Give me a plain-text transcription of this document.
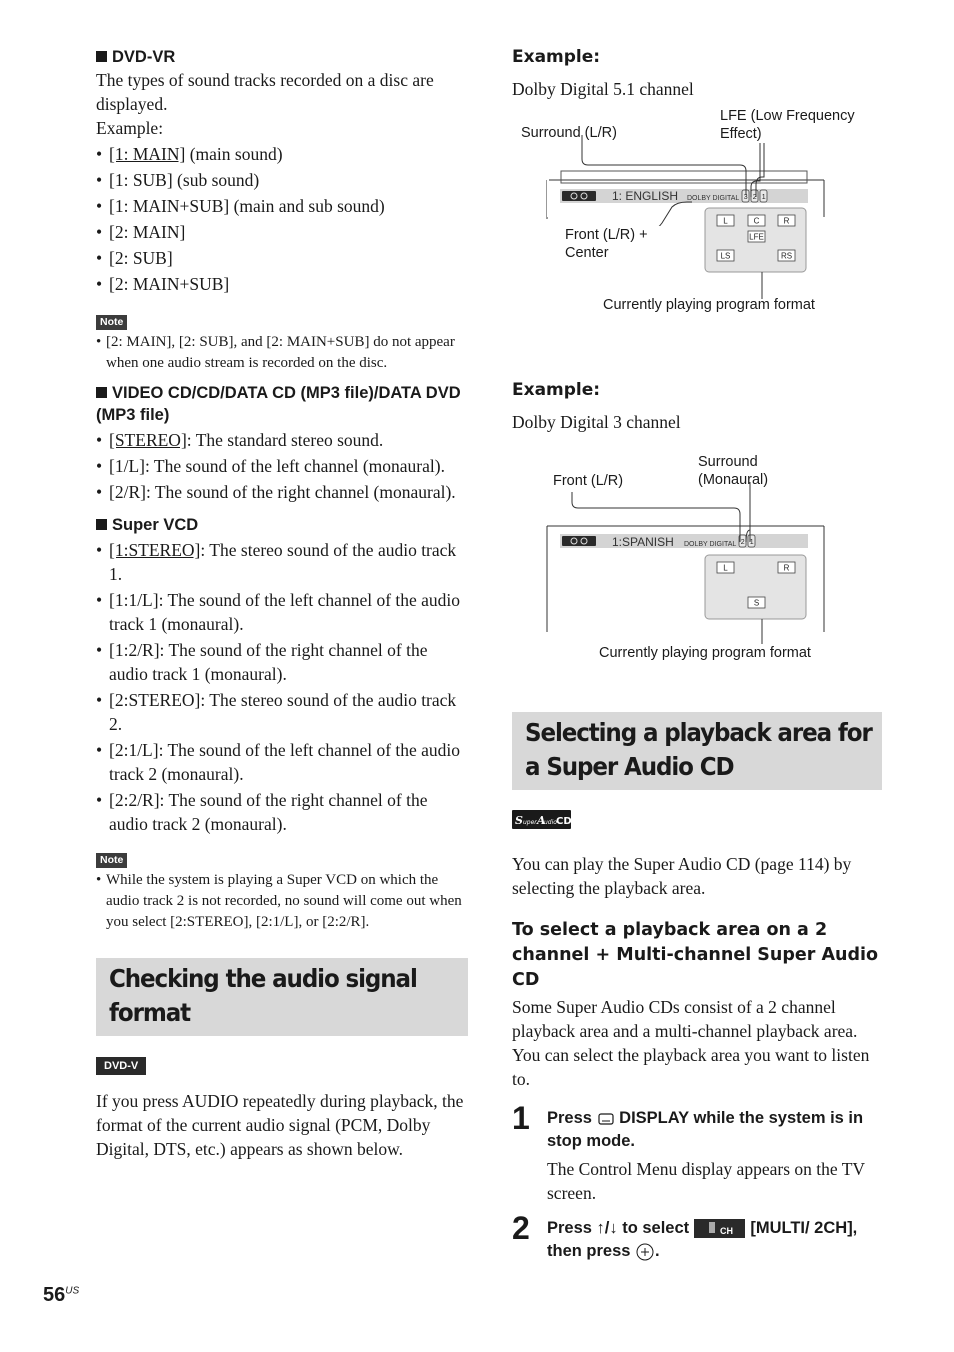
DVD-VR
The types of sound tracks recorded on a disc are displayed.
Example:
• [1: MAIN] (main sound)
• [1: SUB] (sub sound)
• [1: MAIN+SUB] (main and sub sound)
• [2: MAIN]
• [2: SUB]
• [2: MAIN+SUB]
Note
• [2: MAIN], [2: SUB], and [2: MAIN+SUB] do not appear when one audio stream is recorded on the disc.
VIDEO CD/CD/DATA CD (MP3 file)/DATA DVD (MP3 file)
• [STEREO]: The standard stereo sound.
• [1/L]: The sound of the left channel (monaural).
• [2/R]: The sound of the right channel (monaural).
Super VCD
• [1:STEREO]: The stereo sound of the audio track 1.
• [1:1/L]: The sound of the left channel of the audio track 1 (monaural).
• [1:2/R]: The sound of the right channel of the audio track 1 (monaural).
• [2:STEREO]: The stereo sound of the audio track 2.
• [2:1/L]: The sound of the left channel of the audio track 2 (monaural).
• [2:2/R]: The sound of the right channel of the audio track 2 (monaural).
Note
• While the system is playing a Super VCD on which the audio track 2 is not recorded, no sound will come out when you select [2:STEREO], [2:1/L], or [2:2/R].
Checking the audio signal format
DVD-V
If you press AUDIO repeatedly during playback, the format of the current audio signal (PCM, Dolby Digital, DTS, etc.) appears as shown below.
Example:
Dolby Digital 5.1 channel
1: ENGLISH DOLBY DIGITAL 3 2 1
L	C	R
LFE
LS	RS
Surround (L/R)
LFE (Low Frequency Effect)
Front (L/R) + Center
Currently playing program format
Example:
Dolby Digital 3 channel
1:SPANISH DOLBY DIGITAL 2 1
L	R
S
Front (L/R)
Surround (Monaural)
Currently playing program format
Selecting a playback area for a Super Audio CD
S uper A
udio CD
You can play the Super Audio CD (page 114) by selecting the playback area.
To select a playback area on a 2 channel + Multi-channel Super Audio CD
Some Super Audio CDs consist of a 2 channel playback area and a multi-channel playback area. You can select the playback area you want to listen to.
1 Press DISPLAY while the system is in stop mode.
The Control Menu display appears on the TV screen.
2 Press ↑/↓ to select	CH [MULTI/ 2CH], then press .
$56^{US}$
